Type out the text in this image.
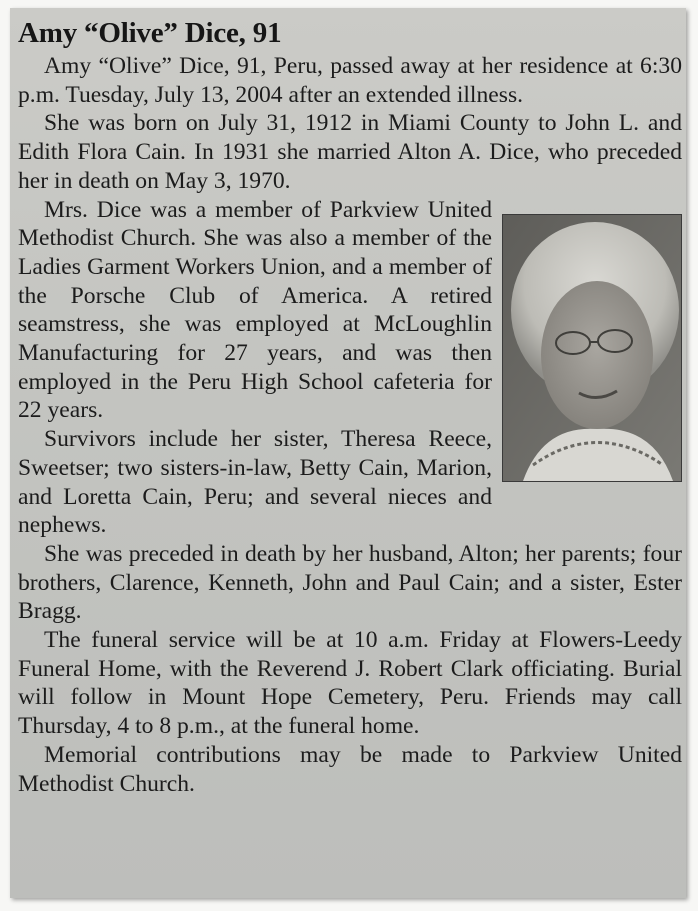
Amy “Olive” Dice, 91

Amy “Olive” Dice, 91, Peru, passed away at her residence at 6:30 p.m. Tuesday, July 13, 2004 after an extended illness.

She was born on July 31, 1912 in Miami County to John L. and Edith Flora Cain. In 1931 she married Alton A. Dice, who preceded her in death on May 3, 1970.

Mrs. Dice was a member of Parkview United Methodist Church. She was also a member of the Ladies Garment Workers Union, and a member of the Porsche Club of America. A retired seamstress, she was employed at McLoughlin Manufacturing for 27 years, and was then employed in the Peru High School cafeteria for 22 years.

Survivors include her sister, Theresa Reece, Sweetser; two sisters-in-law, Betty Cain, Marion, and Loretta Cain, Peru; and several nieces and nephews.

She was preceded in death by her husband, Alton; her parents; four brothers, Clarence, Kenneth, John and Paul Cain; and a sister, Ester Bragg.

The funeral service will be at 10 a.m. Friday at Flowers-Leedy Funeral Home, with the Reverend J. Robert Clark officiating. Burial will follow in Mount Hope Cemetery, Peru. Friends may call Thursday, 4 to 8 p.m., at the funeral home.

Memorial contributions may be made to Parkview United Methodist Church.
